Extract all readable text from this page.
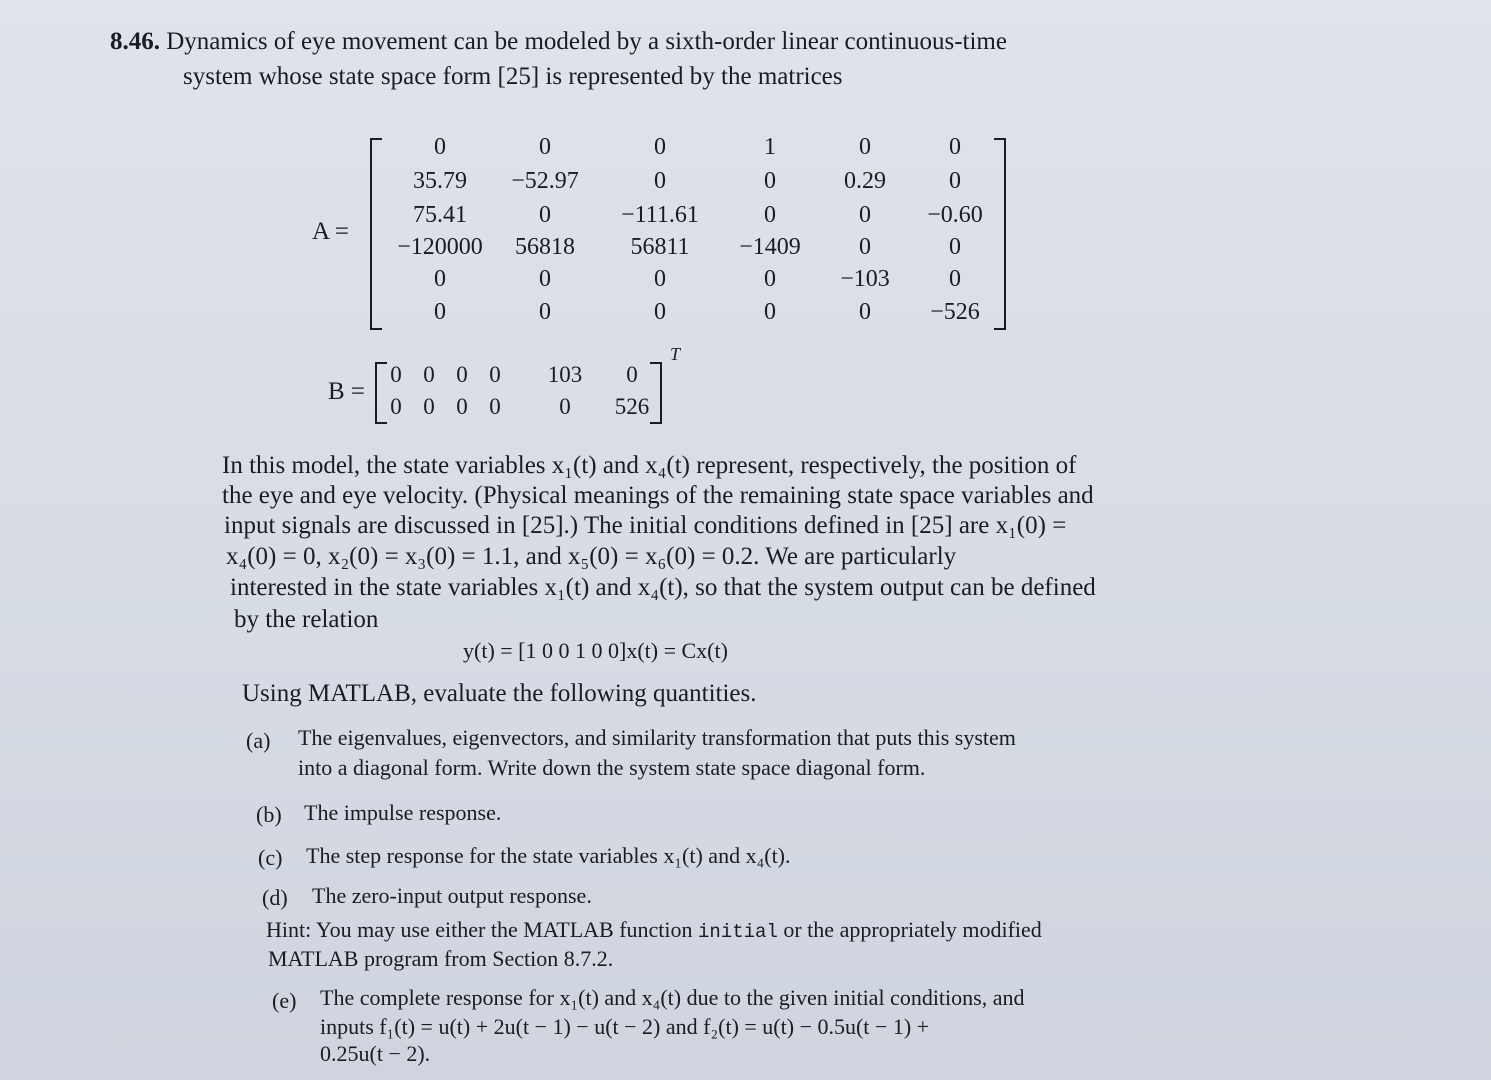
8.46. Dynamics of eye movement can be modeled by a sixth-order linear continuous-time
system whose state space form [25] is represented by the matrices
A =
0	0	0	1	0	0
35.79	−52.97	0	0	0.29	0
75.41	0	−111.61	0	0	−0.60
−120000	56818	56811	−1409	0	0
0	0	0	0	−103	0
0	0	0	0	0	−526
B =
T
0 0 0 0	103	0
0 0 0 0	0	526
In this model, the state variables x₁(t) and x₄(t) represent, respectively, the position of
the eye and eye velocity. (Physical meanings of the remaining state space variables and
input signals are discussed in [25].) The initial conditions defined in [25] are x₁(0) =
x₄(0) = 0, x₂(0) = x₃(0) = 1.1, and x₅(0) = x₆(0) = 0.2. We are particularly
interested in the state variables x₁(t) and x₄(t), so that the system output can be defined
by the relation
y(t) = [1 0 0 1 0 0]x(t) = Cx(t)
Using MATLAB, evaluate the following quantities.
(a) The eigenvalues, eigenvectors, and similarity transformation that puts this system
into a diagonal form. Write down the system state space diagonal form.
(b) The impulse response.
(c) The step response for the state variables x₁(t) and x₄(t).
(d) The zero-input output response.
Hint: You may use either the MATLAB function initial or the appropriately modified
MATLAB program from Section 8.7.2.
(e) The complete response for x₁(t) and x₄(t) due to the given initial conditions, and
inputs f₁(t) = u(t) + 2u(t − 1) − u(t − 2) and f₂(t) = u(t) − 0.5u(t − 1) +
0.25u(t − 2).
